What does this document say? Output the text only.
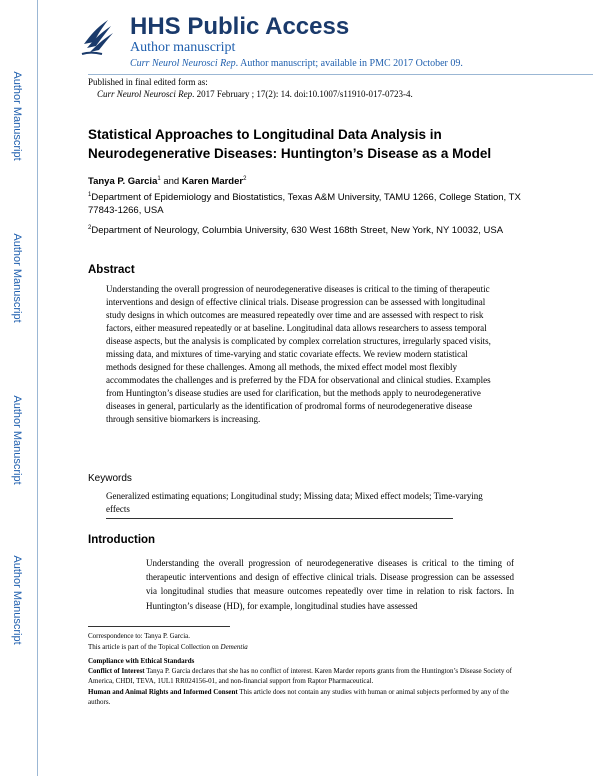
Author Manuscript
Author Manuscript
Author Manuscript
Author Manuscript
HHS Public Access
Author manuscript
Curr Neurol Neurosci Rep. Author manuscript; available in PMC 2017 October 09.
Published in final edited form as:
Curr Neurol Neurosci Rep. 2017 February ; 17(2): 14. doi:10.1007/s11910-017-0723-4.
Statistical Approaches to Longitudinal Data Analysis in Neurodegenerative Diseases: Huntington’s Disease as a Model
Tanya P. Garcia$^1$ and Karen Marder$^2$
$^1$Department of Epidemiology and Biostatistics, Texas A&M University, TAMU 1266, College Station, TX 77843-1266, USA
$^2$Department of Neurology, Columbia University, 630 West 168th Street, New York, NY 10032, USA
Abstract
Understanding the overall progression of neurodegenerative diseases is critical to the timing of therapeutic interventions and design of effective clinical trials. Disease progression can be assessed with longitudinal study designs in which outcomes are measured repeatedly over time and are assessed with respect to risk factors, either measured repeatedly or at baseline. Longitudinal data allows researchers to assess temporal disease aspects, but the analysis is complicated by complex correlation structures, irregularly spaced visits, missing data, and mixtures of time-varying and static covariate effects. We review modern statistical methods designed for these challenges. Among all methods, the mixed effect model most flexibly accommodates the challenges and is preferred by the FDA for observational and clinical studies. Examples from Huntington’s disease studies are used for clarification, but the methods apply to neurodegenerative diseases in general, particularly as the identification of prodromal forms of neurodegenerative disease through sensitive biomarkers is increasing.
Keywords
Generalized estimating equations; Longitudinal study; Missing data; Mixed effect models; Time-varying effects
Introduction
Understanding the overall progression of neurodegenerative diseases is critical to the timing of therapeutic interventions and design of effective clinical trials. Disease progression can be assessed via longitudinal studies that measure outcomes repeatedly over time in relation to risk factors. In Huntington’s disease (HD), for example, longitudinal studies have assessed
Correspondence to: Tanya P. Garcia.
This article is part of the Topical Collection on Dementia
Compliance with Ethical Standards
Conflict of Interest Tanya P. Garcia declares that she has no conflict of interest. Karen Marder reports grants from the Huntington’s Disease Society of America, CHDI, TEVA, 1UL1 RR024156-01, and non-financial support from Raptor Pharmaceutical.
Human and Animal Rights and Informed Consent This article does not contain any studies with human or animal subjects performed by any of the authors.
